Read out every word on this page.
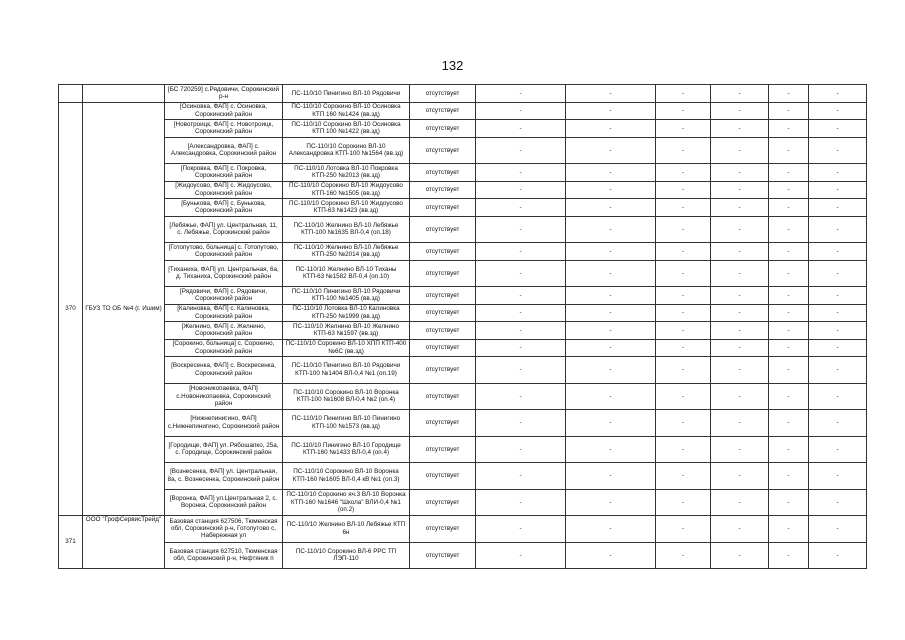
132
		[БС 720259] с.Рядовичи, Сорокинский р-н	ПС-110/10 Пинигино ВЛ-10 Рядовичи	отсутствует	-	-	-	-	-	-
370	ГБУЗ ТО ОБ №4 (г. Ишим)	[Осиновка, ФАП] с. Осиновка, Сорокинский район	ПС-110/10 Сорокино ВЛ-10 Осиновка КТП 160 №1424 (вв.зд)	отсутствует	-	-	-	-	-	-
		[Новотроицк, ФАП] с. Новотроицк, Сорокинский район	ПС-110/10 Сорокино ВЛ-10 Осиновка КТП 100 №1422 (вв.зд)	отсутствует	-	-	-	-	-	-
		[Александровка, ФАП] с. Александровка, Сорокинский район	ПС-110/10 Сорокино ВЛ-10 Александровка КТП-100 №1564 (вв.зд)	отсутствует	-	-	-	-	-	-
		[Покровка, ФАП] с. Покровка, Сорокинский район	ПС-110/10 Лотовка ВЛ-10 Покровка КТП-250 №2013 (вв.зд)	отсутствует	-	-	-	-	-	-
		[Жидоусово, ФАП] с. Жидоусово, Сорокинский район	ПС-110/10 Сорокино ВЛ-10 Жидоусово КТП-160 №1505 (вв.зд)	отсутствует	-	-	-	-	-	-
		[Бунькова, ФАП] с. Бунькова, Сорокинский район	ПС-110/10 Сорокино ВЛ-10 Жидоусово КТП-63 №1423 (вв.зд)	отсутствует	-	-	-	-	-	-
		[Лебяжье, ФАП] ул. Центральная, 11, с. Лебяжье, Сорокинский район	ПС-110/10 Желнино ВЛ-10 Лебяжье КТП-100 №1635 ВЛ-0,4 (оп.18)	отсутствует	-	-	-	-	-	-
		[Готопутово, больница] с. Готопутово, Сорокинский район	ПС-110/10 Желнино ВЛ-10 Лебяжье КТП-250 №2014 (вв.зд)	отсутствует	-	-	-	-	-	-
		[Тиханиха, ФАП] ул. Центральная, 6а, д. Тиханиха, Сорокинский район	ПС-110/10 Желнино ВЛ-10 Тиханы КТП-63 №1582 ВЛ-0,4 (оп.10)	отсутствует	-	-	-	-	-	-
		[Рядовичи, ФАП] с. Рядовичи, Сорокинский район	ПС-110/10 Пинигино ВЛ-10 Рядовичи КТП-100 №1405 (вв.зд)	отсутствует	-	-	-	-	-	-
		[Калиновка, ФАП] с. Калиновка, Сорокинский район	ПС-110/10 Лотовка ВЛ-10 Калиновка КТП-250 №1999 (вв.зд)	отсутствует	-	-	-	-	-	-
		[Желнино, ФАП] с. Желнино, Сорокинский район	ПС-110/10 Желнино ВЛ-10 Желнино КТП-63 №1597 (вв.зд)	отсутствует	-	-	-	-	-	-
		[Сорокино, больница] с. Сорокино, Сорокинский район	ПС-110/10 Сорокино ВЛ-10 ХПП КТП-400 №6С (вв.зд)	отсутствует	-	-	-	-	-	-
		[Воскресенка, ФАП] с. Воскресенка, Сорокинский район	ПС-110/10 Пинигино ВЛ-10 Рядовичи КТП-100 №1404 ВЛ-0,4 №1 (оп.19)	отсутствует	-	-	-	-	-	-
		[Новоникопаевка, ФАП] с.Новоникопаевка, Сорокинский район	ПС-110/10 Сорокино ВЛ-10 Воронка КТП-100 №1608 ВЛ-0,4 №2 (оп.4)	отсутствует	-	-	-	-	-	-
		[Нижнепинигино, ФАП] с.Нижнепинигино, Сорокинский район	ПС-110/10 Пинигино ВЛ-10 Пинигино КТП-100 №1573 (вв.зд)	отсутствует	-	-	-	-	-	-
		[Городище, ФАП] ул. Рябошапко, 25а, с. Городище, Сорокинский район	ПС-110/10 Пинигино ВЛ-10 Городище КТП-160 №1433 ВЛ-0,4 (оп.4)	отсутствует	-	-	-	-	-	-
		[Вознесенка, ФАП] ул. Центральная, 8а, с. Вознесенка, Сорокинский район	ПС-110/10 Сорокино ВЛ-10 Воронка КТП-160 №1605 ВЛ-0,4 кВ №1 (оп.3)	отсутствует	-	-	-	-	-	-
		[Воронка, ФАП] ул.Центральная 2, с. Воронка, Сорокинский район	ПС-110/10 Сорокино яч.3 ВЛ-10 Воронка КТП-160 №1646 "Школа" ВЛИ-0,4 №1 (оп.2)	отсутствует	-	-	-	-	-	-
371	ООО "ГрофСервисТрейд"	Базовая станция 627506, Тюменская обл, Сорокинский р-н, Готопутово с, Набережная ул	ПС-110/10 Желнино ВЛ-10 Лебяжье КТП 6н	отсутствует	-	-	-	-	-	-
		Базовая станция 627510, Тюменская обл, Сорокинский р-н, Нефтяник п	ПС-110/10 Сорокино ВЛ-6 РРС ТП ЛЭП-110	отсутствует	-	-	-	-	-	-
